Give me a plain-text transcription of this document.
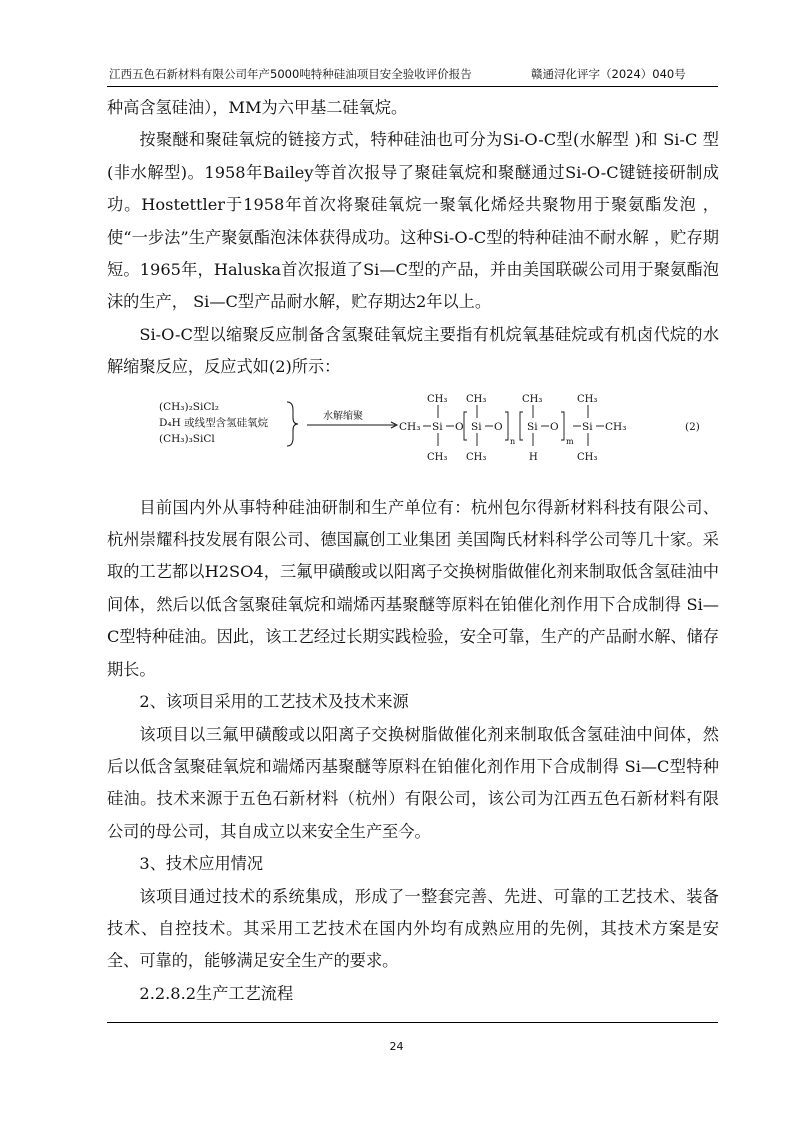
江西五色石新材料有限公司年产5000吨特种硅油项目安全验收评价报告	赣通浔化评字（2024）040号

种高含氢硅油），MM为六甲基二硅氧烷。

按聚醚和聚硅氧烷的链接方式，特种硅油也可分为Si-O-C型(水解型 )和 Si-C 型 (非水解型)。1958年Bailey等首次报导了聚硅氧烷和聚醚通过Si-O-C键链接研制成功。Hostettler于1958年首次将聚硅氧烷一聚氧化烯烃共聚物用于聚氨酯发泡 ，使“一步法”生产聚氨酯泡沫体获得成功。这种Si-O-C型的特种硅油不耐水解 ，贮存期短。1965年，Haluska首次报道了Si—C型的产品，并由美国联碳公司用于聚氨酯泡沫的生产， Si—C型产品耐水解，贮存期达2年以上。

Si-O-C型以缩聚反应制备含氢聚硅氧烷主要指有机烷氧基硅烷或有机卤代烷的水解缩聚反应，反应式如(2)所示：

(CH₃)₂SiCl₂
D₄H 或线型含氢硅氧烷
(CH₃)₃SiCl
水解缩聚
CH₃ Si
CH₃
CH₃
O Si
CH₃
CH₃
O
n
Si
CH₃
H
O
m
Si
CH₃
CH₃
CH₃	(2)

目前国内外从事特种硅油研制和生产单位有：杭州包尔得新材料科技有限公司、杭州崇耀科技发展有限公司、德国赢创工业集团 美国陶氏材料科学公司等几十家。采取的工艺都以H2SO4，三氟甲磺酸或以阳离子交换树脂做催化剂来制取低含氢硅油中间体，然后以低含氢聚硅氧烷和端烯丙基聚醚等原料在铂催化剂作用下合成制得 Si—C型特种硅油。因此，该工艺经过长期实践检验，安全可靠，生产的产品耐水解、储存期长。

2、该项目采用的工艺技术及技术来源

该项目以三氟甲磺酸或以阳离子交换树脂做催化剂来制取低含氢硅油中间体，然后以低含氢聚硅氧烷和端烯丙基聚醚等原料在铂催化剂作用下合成制得 Si—C型特种硅油。技术来源于五色石新材料（杭州）有限公司，该公司为江西五色石新材料有限公司的母公司，其自成立以来安全生产至今。

3、技术应用情况

该项目通过技术的系统集成，形成了一整套完善、先进、可靠的工艺技术、装备技术、自控技术。其采用工艺技术在国内外均有成熟应用的先例，其技术方案是安全、可靠的，能够满足安全生产的要求。

2.2.8.2生产工艺流程

24
